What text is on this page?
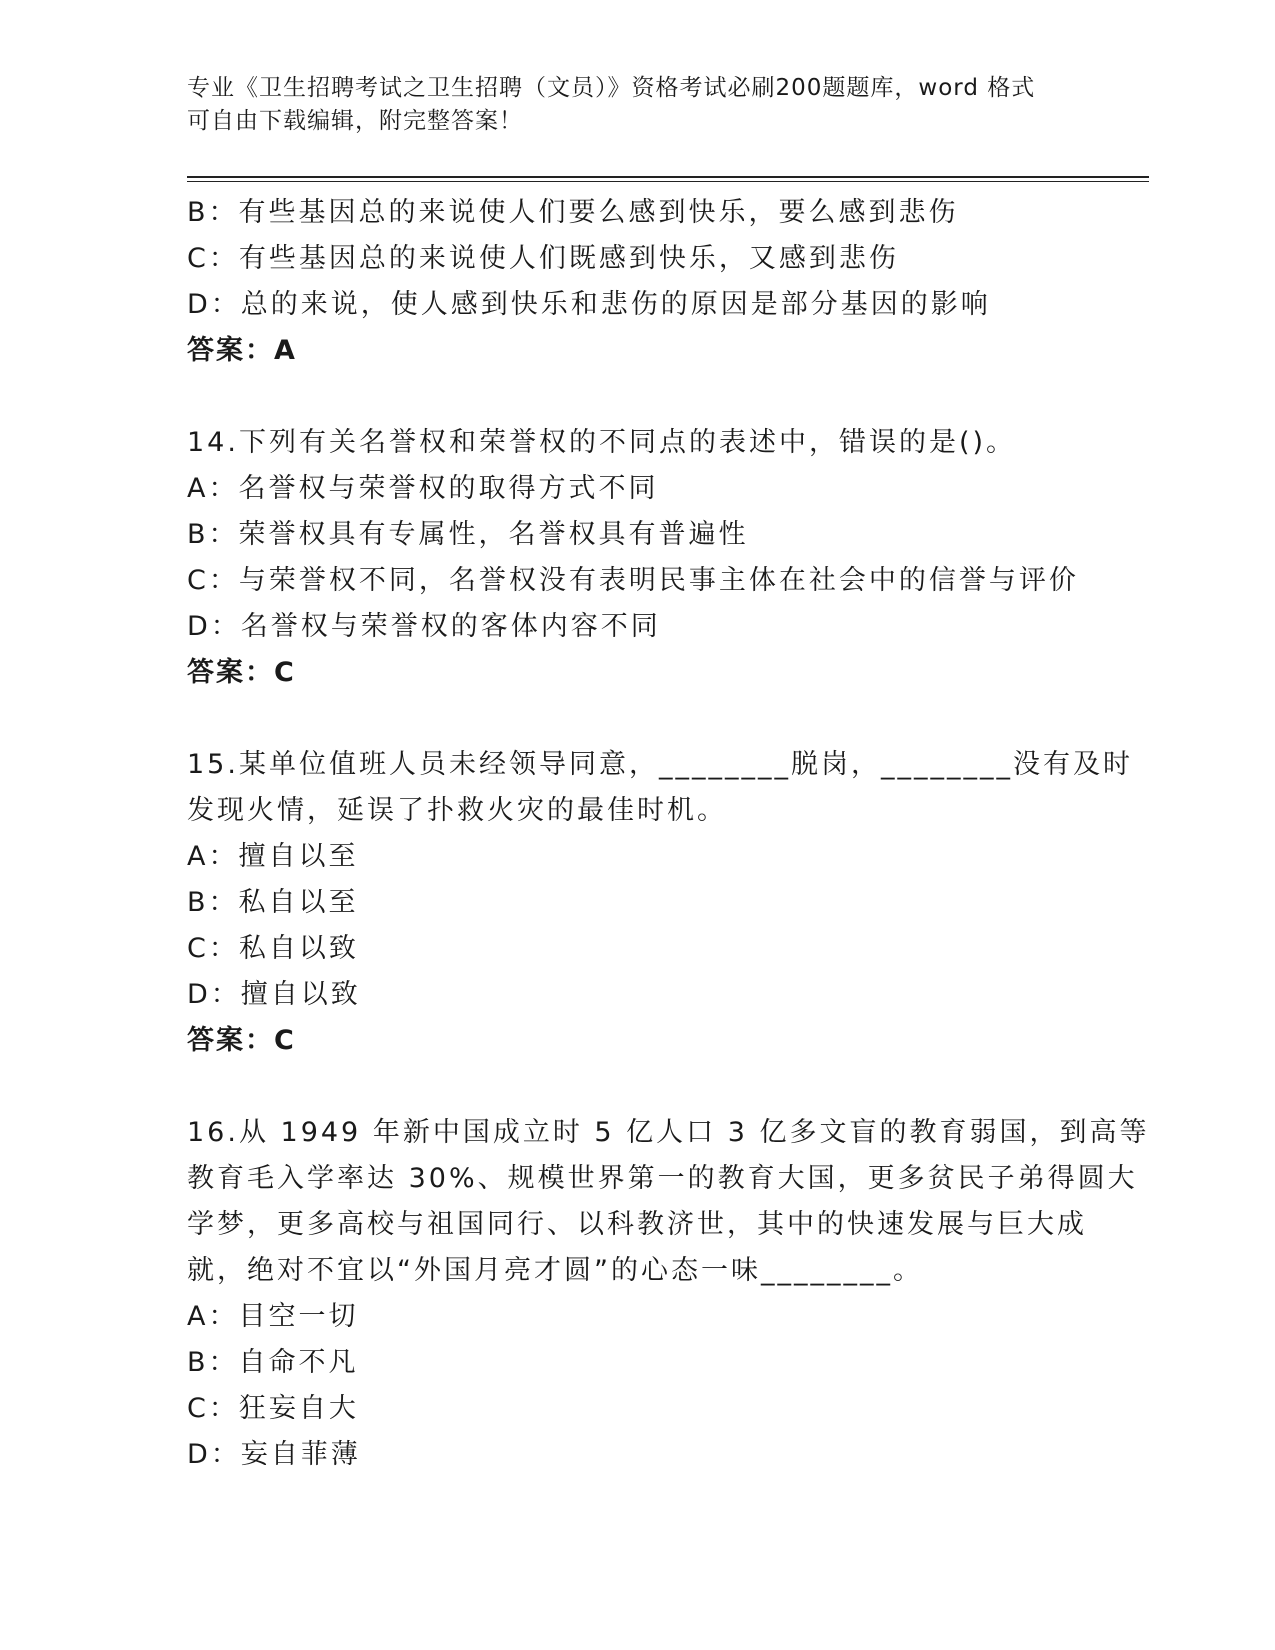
专业《卫生招聘考试之卫生招聘（文员）》资格考试必刷200题题库，word 格式
可自由下载编辑，附完整答案！
B：有些基因总的来说使人们要么感到快乐，要么感到悲伤
C：有些基因总的来说使人们既感到快乐，又感到悲伤
D：总的来说，使人感到快乐和悲伤的原因是部分基因的影响
答案：A
14.下列有关名誉权和荣誉权的不同点的表述中，错误的是()。
A：名誉权与荣誉权的取得方式不同
B：荣誉权具有专属性，名誉权具有普遍性
C：与荣誉权不同，名誉权没有表明民事主体在社会中的信誉与评价
D：名誉权与荣誉权的客体内容不同
答案：C
15.某单位值班人员未经领导同意，________脱岗，________没有及时
发现火情，延误了扑救火灾的最佳时机。
A：擅自以至
B：私自以至
C：私自以致
D：擅自以致
答案：C
16.从 1949 年新中国成立时 5 亿人口 3 亿多文盲的教育弱国，到高等
教育毛入学率达 30%、规模世界第一的教育大国，更多贫民子弟得圆大
学梦，更多高校与祖国同行、以科教济世，其中的快速发展与巨大成
就，绝对不宜以“外国月亮才圆”的心态一味________。
A：目空一切
B：自命不凡
C：狂妄自大
D：妄自菲薄
